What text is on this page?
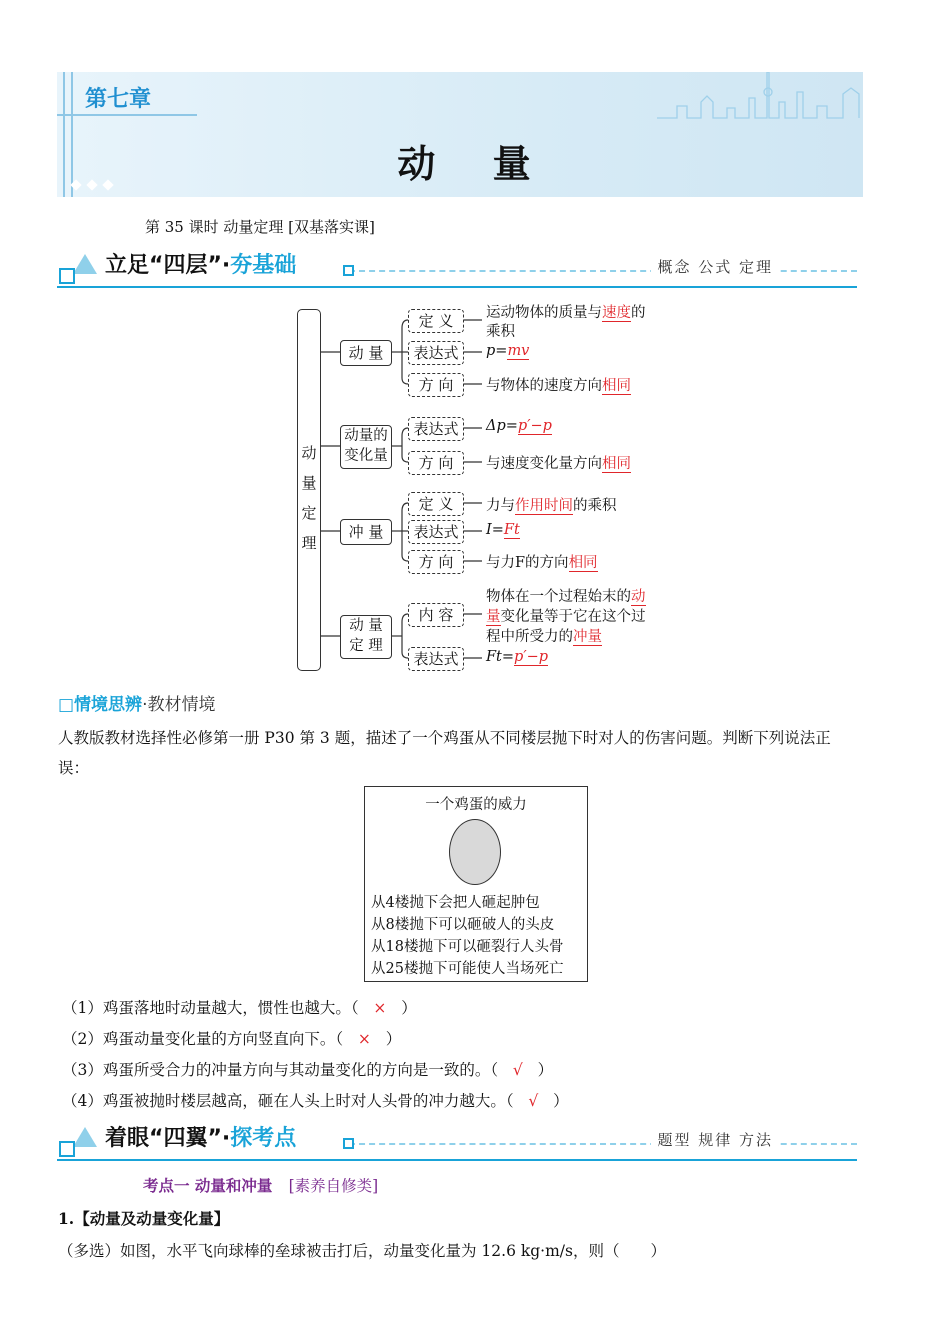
第七章
动 量
第 35 课时 动量定理 [双基落实课]
立足“四层”·夯基础	概念 公式 定理
动
量
定
理
动 量
定 义	运动物体的质量与速度的
乘积
表达式	p=mv
方 向	与物体的速度方向相同
动量的
变化量
表达式	Δp=p′−p
方 向	与速度变化量方向相同
冲 量
定 义	力与作用时间的乘积
表达式	I=Ft
方 向	与力F的方向相同
动 量
定 理
内 容
物体在一个过程始末的动
量变化量等于它在这个过
程中所受力的冲量
表达式	Ft=p′−p
□情境思辨·教材情境
人教版教材选择性必修第一册 P30 第 3 题，描述了一个鸡蛋从不同楼层抛下时对人的伤害问题。判断下列说法正
误：
一个鸡蛋的威力
从4楼抛下会把人砸起肿包
从8楼抛下可以砸破人的头皮
从18楼抛下可以砸裂行人头骨
从25楼抛下可能使人当场死亡
（1）鸡蛋落地时动量越大，惯性也越大。（ × ）
（2）鸡蛋动量变化量的方向竖直向下。（ × ）
（3）鸡蛋所受合力的冲量方向与其动量变化的方向是一致的。（ √ ）
（4）鸡蛋被抛时楼层越高，砸在人头上时对人头骨的冲力越大。（ √ ）
着眼“四翼”·探考点	题型 规律 方法
考点一 动量和冲量 [素养自修类]
1.【动量及动量变化量】
（多选）如图，水平飞向球棒的垒球被击打后，动量变化量为 12.6 kg·m/s，则（　　）
